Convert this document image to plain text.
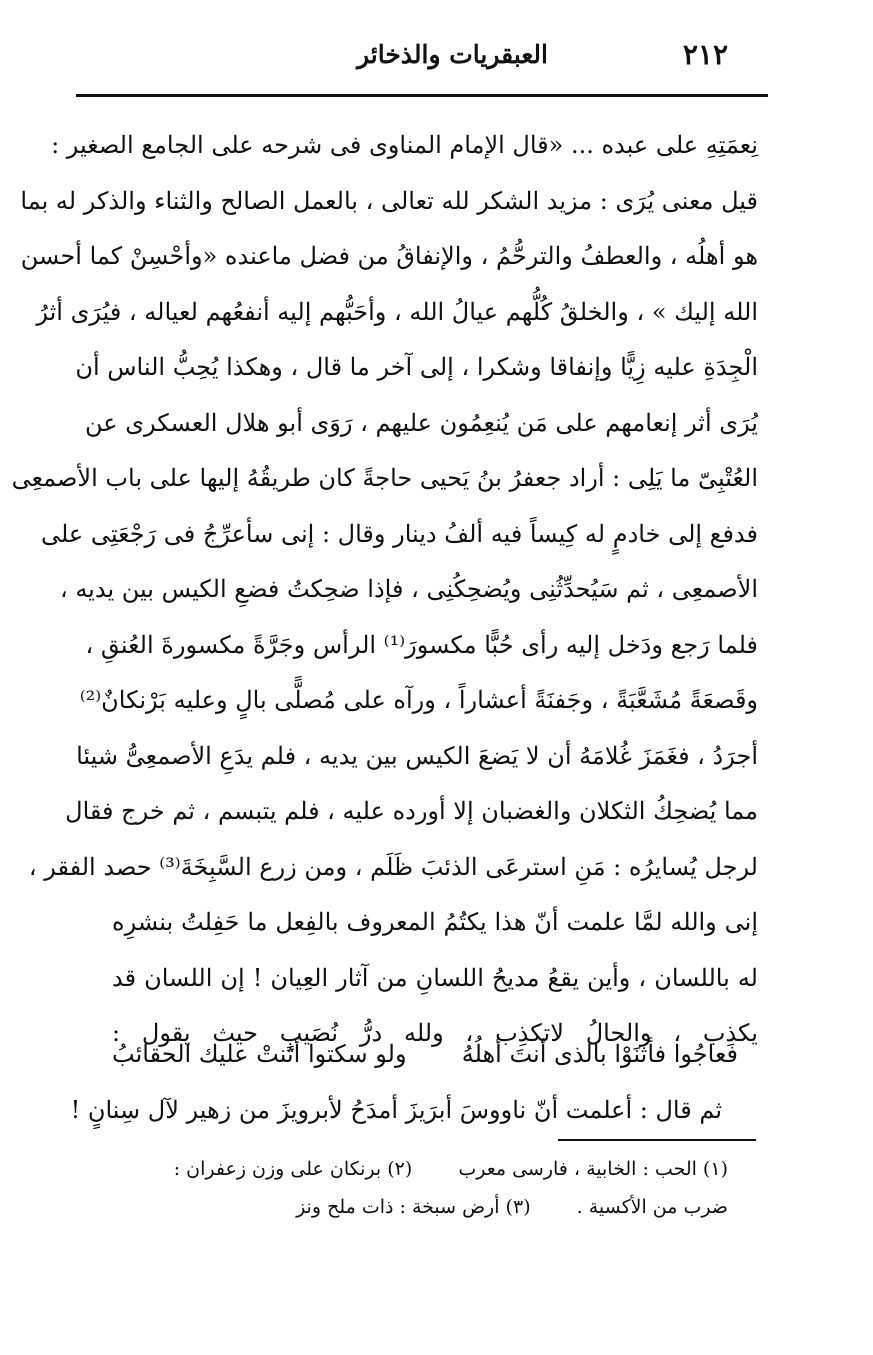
٢١٢
العبقريات والذخائر
نِعمَتِهِ على عبده ... «قال الإمام المناوى فى شرحه على الجامع الصغير :
قيل معنى يُرَى : مزيد الشكر لله تعالى ، بالعمل الصالح والثناء والذكر له بما
هو أهلُه ، والعطفُ والترحُّمُ ، والإنفاقُ من فضل ماعنده «وأحْسِنْ كما أحسن
الله إليك » ، والخلقُ كُلُّهم عيالُ الله ، وأحَبُّهم إليه أنفعُهم لعياله ، فيُرَى أثرُ
الْجِدَةِ عليه زِيًّا وإنفاقا وشكرا ، إلى آخر ما قال ، وهكذا يُحِبُّ الناس أن
يُرَى أثر إنعامهم على مَن يُنعِمُون عليهم ، رَوَى أبو هلال العسكرى عن
العُتْبِىّ ما يَلِى : أراد جعفرُ بنُ يَحيى حاجةً كان طريقُهُ إليها على باب الأصمعِى
فدفع إلى خادمٍ له كِيساً فيه ألفُ دينار وقال : إنى سأعرِّجُ فى رَجْعَتِى على
الأصمعِى ، ثم سَيُحدِّثُنِى ويُضحِكُنِى ، فإذا ضحِكتُ فضعِ الكيس بين يديه ،
فلما رَجع ودَخل إليه رأى حُبًّا مكسورَ⁽¹⁾ الرأس وجَرَّةً مكسورةَ العُنقِ ،
وقَصعَةً مُشَعَّبَةً ، وجَفنَةً أعشاراً ، ورآه على مُصلًّى بالٍ وعليه بَرْنكانٌ⁽²⁾
أجرَدُ ، فغَمَزَ غُلامَهُ أن لا يَضعَ الكيس بين يديه ، فلم يدَعِ الأصمعِىُّ شيئا
مما يُضحِكُ الثكلان والغضبان إلا أورده عليه ، فلم يتبسم ، ثم خرج فقال
لرجل يُسايرُه : مَنِ استرعَى الذئبَ ظَلَم ، ومن زرع السَّبِخَةَ⁽³⁾ حصد الفقر ،
إنى والله لمَّا علمت أنّ هذا يكتُمُ المعروف بالفِعل ما حَفِلتُ بنشرِه
له باللسان ، وأين يقعُ مديحُ اللسانِ من آثار العِيان ! إن اللسان قد
يكذِب ، والحالُ لاتكذِب ، ولله درُّ نُصَيبٍ حيث يقول :
فعاجُوا فأثنَوْا بالذى أنتَ أهلُهُ
ولو سكتوا أثنتْ عليك الحقائبُ
ثم قال : أعلمت أنّ ناووسَ أبرَيزَ أمدَحُ لأبرويزَ من زهير لآل سِنانٍ !
(١) الحب : الخابية ، فارسى معرب (٢) برنكان على وزن زعفران :
ضرب من الأكسية . (٣) أرض سبخة : ذات ملح ونز
